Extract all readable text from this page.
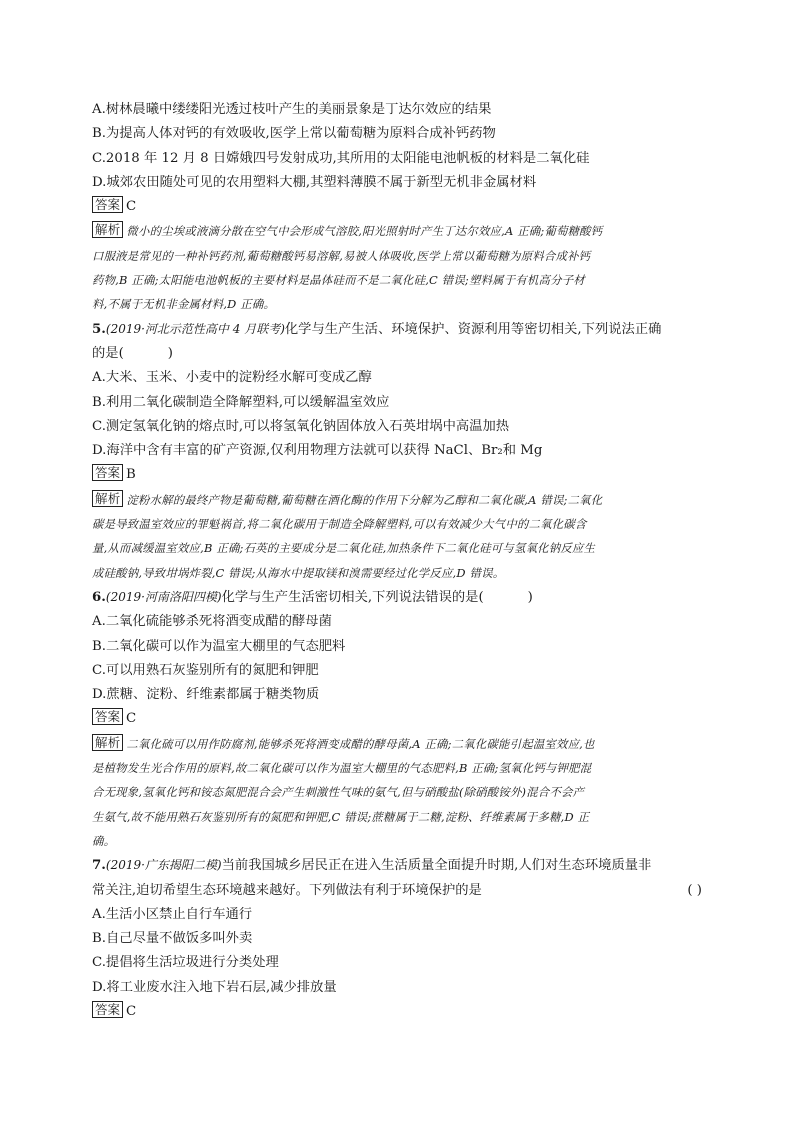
A.树林晨曦中缕缕阳光透过枝叶产生的美丽景象是丁达尔效应的结果
B.为提高人体对钙的有效吸收,医学上常以葡萄糖为原料合成补钙药物
C.2018 年 12 月 8 日嫦娥四号发射成功,其所用的太阳能电池帆板的材料是二氧化硅
D.城郊农田随处可见的农用塑料大棚,其塑料薄膜不属于新型无机非金属材料
答案 C
解析 微小的尘埃或液滴分散在空气中会形成气溶胶,阳光照射时产生丁达尔效应,A 正确;葡萄糖酸钙
口服液是常见的一种补钙药剂,葡萄糖酸钙易溶解,易被人体吸收,医学上常以葡萄糖为原料合成补钙
药物,B 正确;太阳能电池帆板的主要材料是晶体硅而不是二氧化硅,C 错误;塑料属于有机高分子材
料,不属于无机非金属材料,D 正确。
5.(2019·河北示范性高中 4 月联考)化学与生产生活、环境保护、资源利用等密切相关,下列说法正确
的是(	)
A.大米、玉米、小麦中的淀粉经水解可变成乙醇
B.利用二氧化碳制造全降解塑料,可以缓解温室效应
C.测定氢氧化钠的熔点时,可以将氢氧化钠固体放入石英坩埚中高温加热
D.海洋中含有丰富的矿产资源,仅利用物理方法就可以获得 NaCl、Br₂和 Mg
答案 B
解析 淀粉水解的最终产物是葡萄糖,葡萄糖在酒化酶的作用下分解为乙醇和二氧化碳,A 错误;二氧化
碳是导致温室效应的罪魁祸首,将二氧化碳用于制造全降解塑料,可以有效减少大气中的二氧化碳含
量,从而减缓温室效应,B 正确;石英的主要成分是二氧化硅,加热条件下二氧化硅可与氢氧化钠反应生
成硅酸钠,导致坩埚炸裂,C 错误;从海水中提取镁和溴需要经过化学反应,D 错误。
6.(2019·河南洛阳四模)化学与生产生活密切相关,下列说法错误的是(	)
A.二氧化硫能够杀死将酒变成醋的酵母菌
B.二氧化碳可以作为温室大棚里的气态肥料
C.可以用熟石灰鉴别所有的氮肥和钾肥
D.蔗糖、淀粉、纤维素都属于糖类物质
答案 C
解析 二氧化硫可以用作防腐剂,能够杀死将酒变成醋的酵母菌,A 正确;二氧化碳能引起温室效应,也
是植物发生光合作用的原料,故二氧化碳可以作为温室大棚里的气态肥料,B 正确;氢氧化钙与钾肥混
合无现象,氢氧化钙和铵态氮肥混合会产生刺激性气味的氨气,但与硝酸盐(除硝酸铵外)混合不会产
生氨气,故不能用熟石灰鉴别所有的氮肥和钾肥,C 错误;蔗糖属于二糖,淀粉、纤维素属于多糖,D 正
确。
7.(2019·广东揭阳二模)当前我国城乡居民正在进入生活质量全面提升时期,人们对生态环境质量非
常关注,迫切希望生态环境越来越好。下列做法有利于环境保护的是	( )
A.生活小区禁止自行车通行
B.自己尽量不做饭多叫外卖
C.提倡将生活垃圾进行分类处理
D.将工业废水注入地下岩石层,减少排放量
答案 C
